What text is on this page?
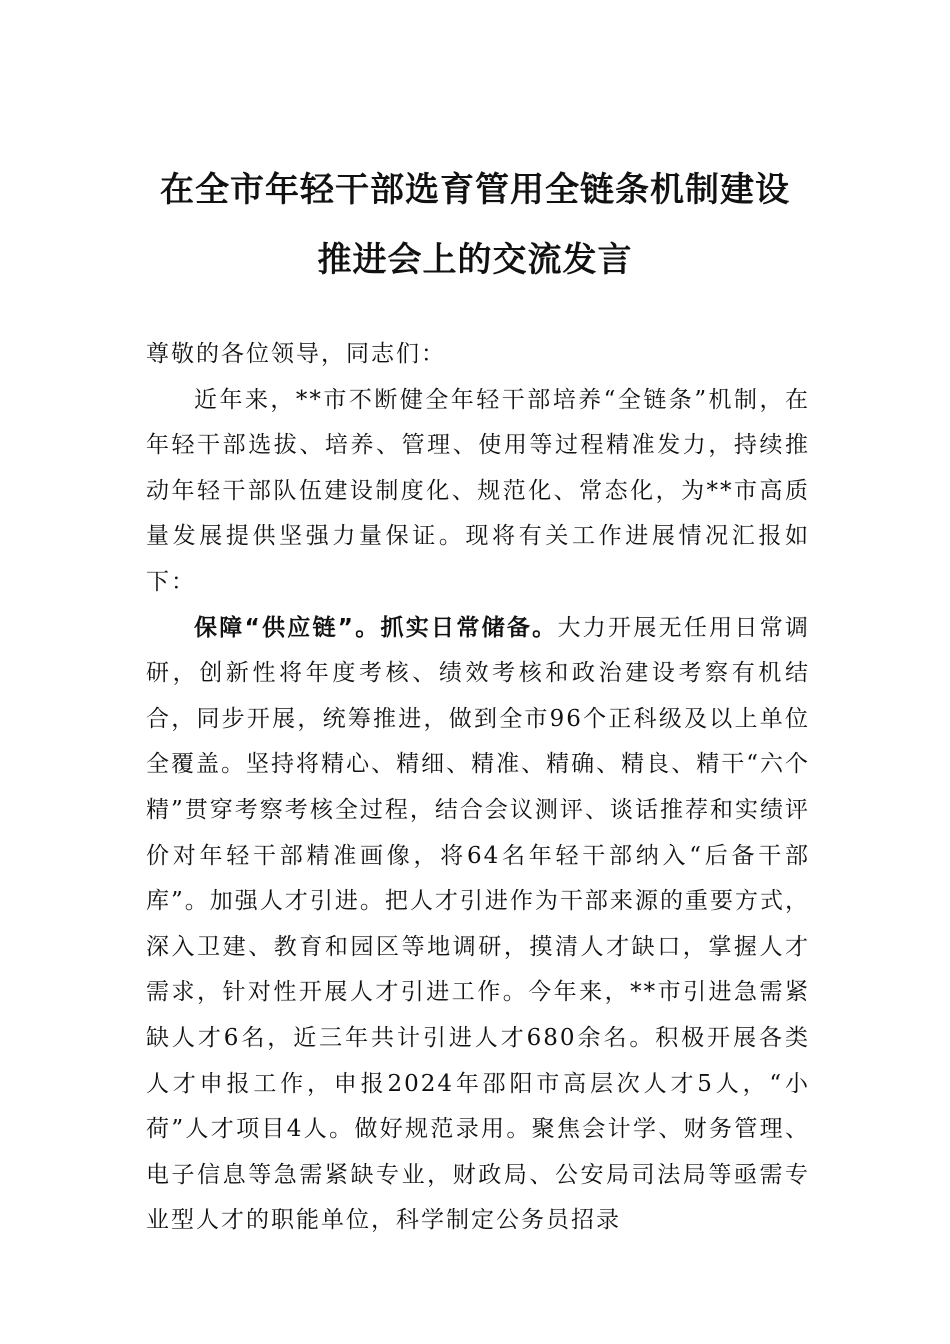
在全市年轻干部选育管用全链条机制建设
推进会上的交流发言

尊敬的各位领导，同志们：

近年来，**市不断健全年轻干部培养“全链条”机制，在年轻干部选拔、培养、管理、使用等过程精准发力，持续推动年轻干部队伍建设制度化、规范化、常态化，为**市高质量发展提供坚强力量保证。现将有关工作进展情况汇报如下：

保障“供应链”。抓实日常储备。大力开展无任用日常调研，创新性将年度考核、绩效考核和政治建设考察有机结合，同步开展，统筹推进，做到全市96个正科级及以上单位全覆盖。坚持将精心、精细、精准、精确、精良、精干“六个精”贯穿考察考核全过程，结合会议测评、谈话推荐和实绩评价对年轻干部精准画像，将64名年轻干部纳入“后备干部库”。加强人才引进。把人才引进作为干部来源的重要方式，深入卫建、教育和园区等地调研，摸清人才缺口，掌握人才需求，针对性开展人才引进工作。今年来，**市引进急需紧缺人才6名，近三年共计引进人才680余名。积极开展各类人才申报工作，申报2024年邵阳市高层次人才5人，“小荷”人才项目4人。做好规范录用。聚焦会计学、财务管理、电子信息等急需紧缺专业，财政局、公安局司法局等亟需专业型人才的职能单位，科学制定公务员招录
